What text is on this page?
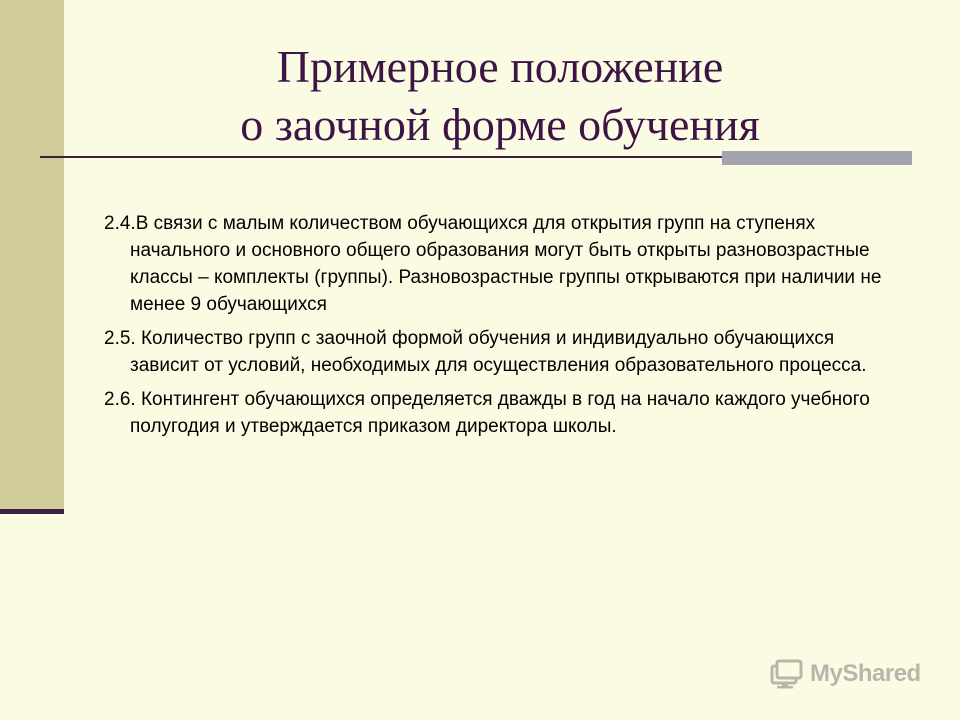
Примерное положение
о заочной форме обучения

2.4.В связи с малым количеством обучающихся для открытия групп на ступенях начального и основного общего образования могут быть открыты разновозрастные классы – комплекты (группы). Разновозрастные группы открываются при наличии не менее 9 обучающихся

2.5. Количество групп с заочной формой обучения и индивидуально обучающихся зависит от условий, необходимых для осуществления образовательного процесса.

2.6. Контингент обучающихся определяется дважды в год на начало каждого учебного полугодия и утверждается приказом директора школы.

MyShared
